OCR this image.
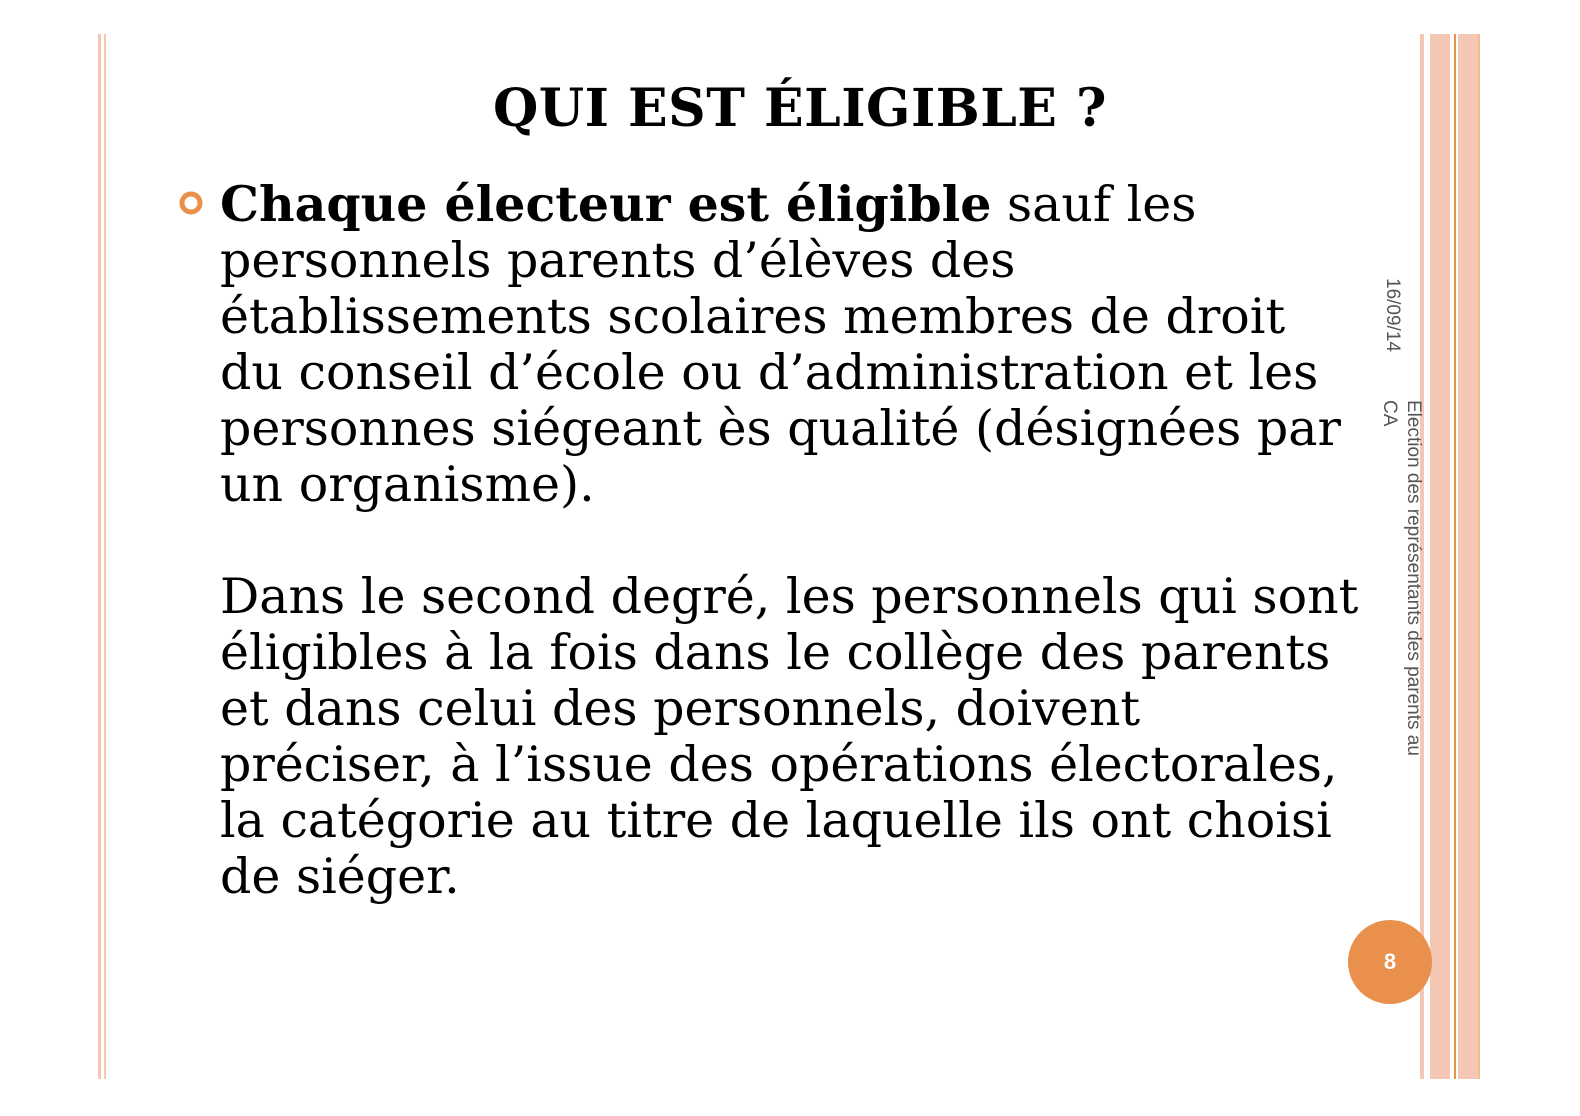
QUI EST ÉLIGIBLE ?
Chaque électeur est éligible sauf les
personnels parents d’élèves des
établissements scolaires membres de droit
du conseil d’école ou d’administration et les
personnes siégeant ès qualité (désignées par
un organisme).
Dans le second degré, les personnels qui sont
éligibles à la fois dans le collège des parents
et dans celui des personnels, doivent
préciser, à l’issue des opérations électorales,
la catégorie au titre de laquelle ils ont choisi
de siéger.
16/09/14
Election des représentants des parents au
CA
8
